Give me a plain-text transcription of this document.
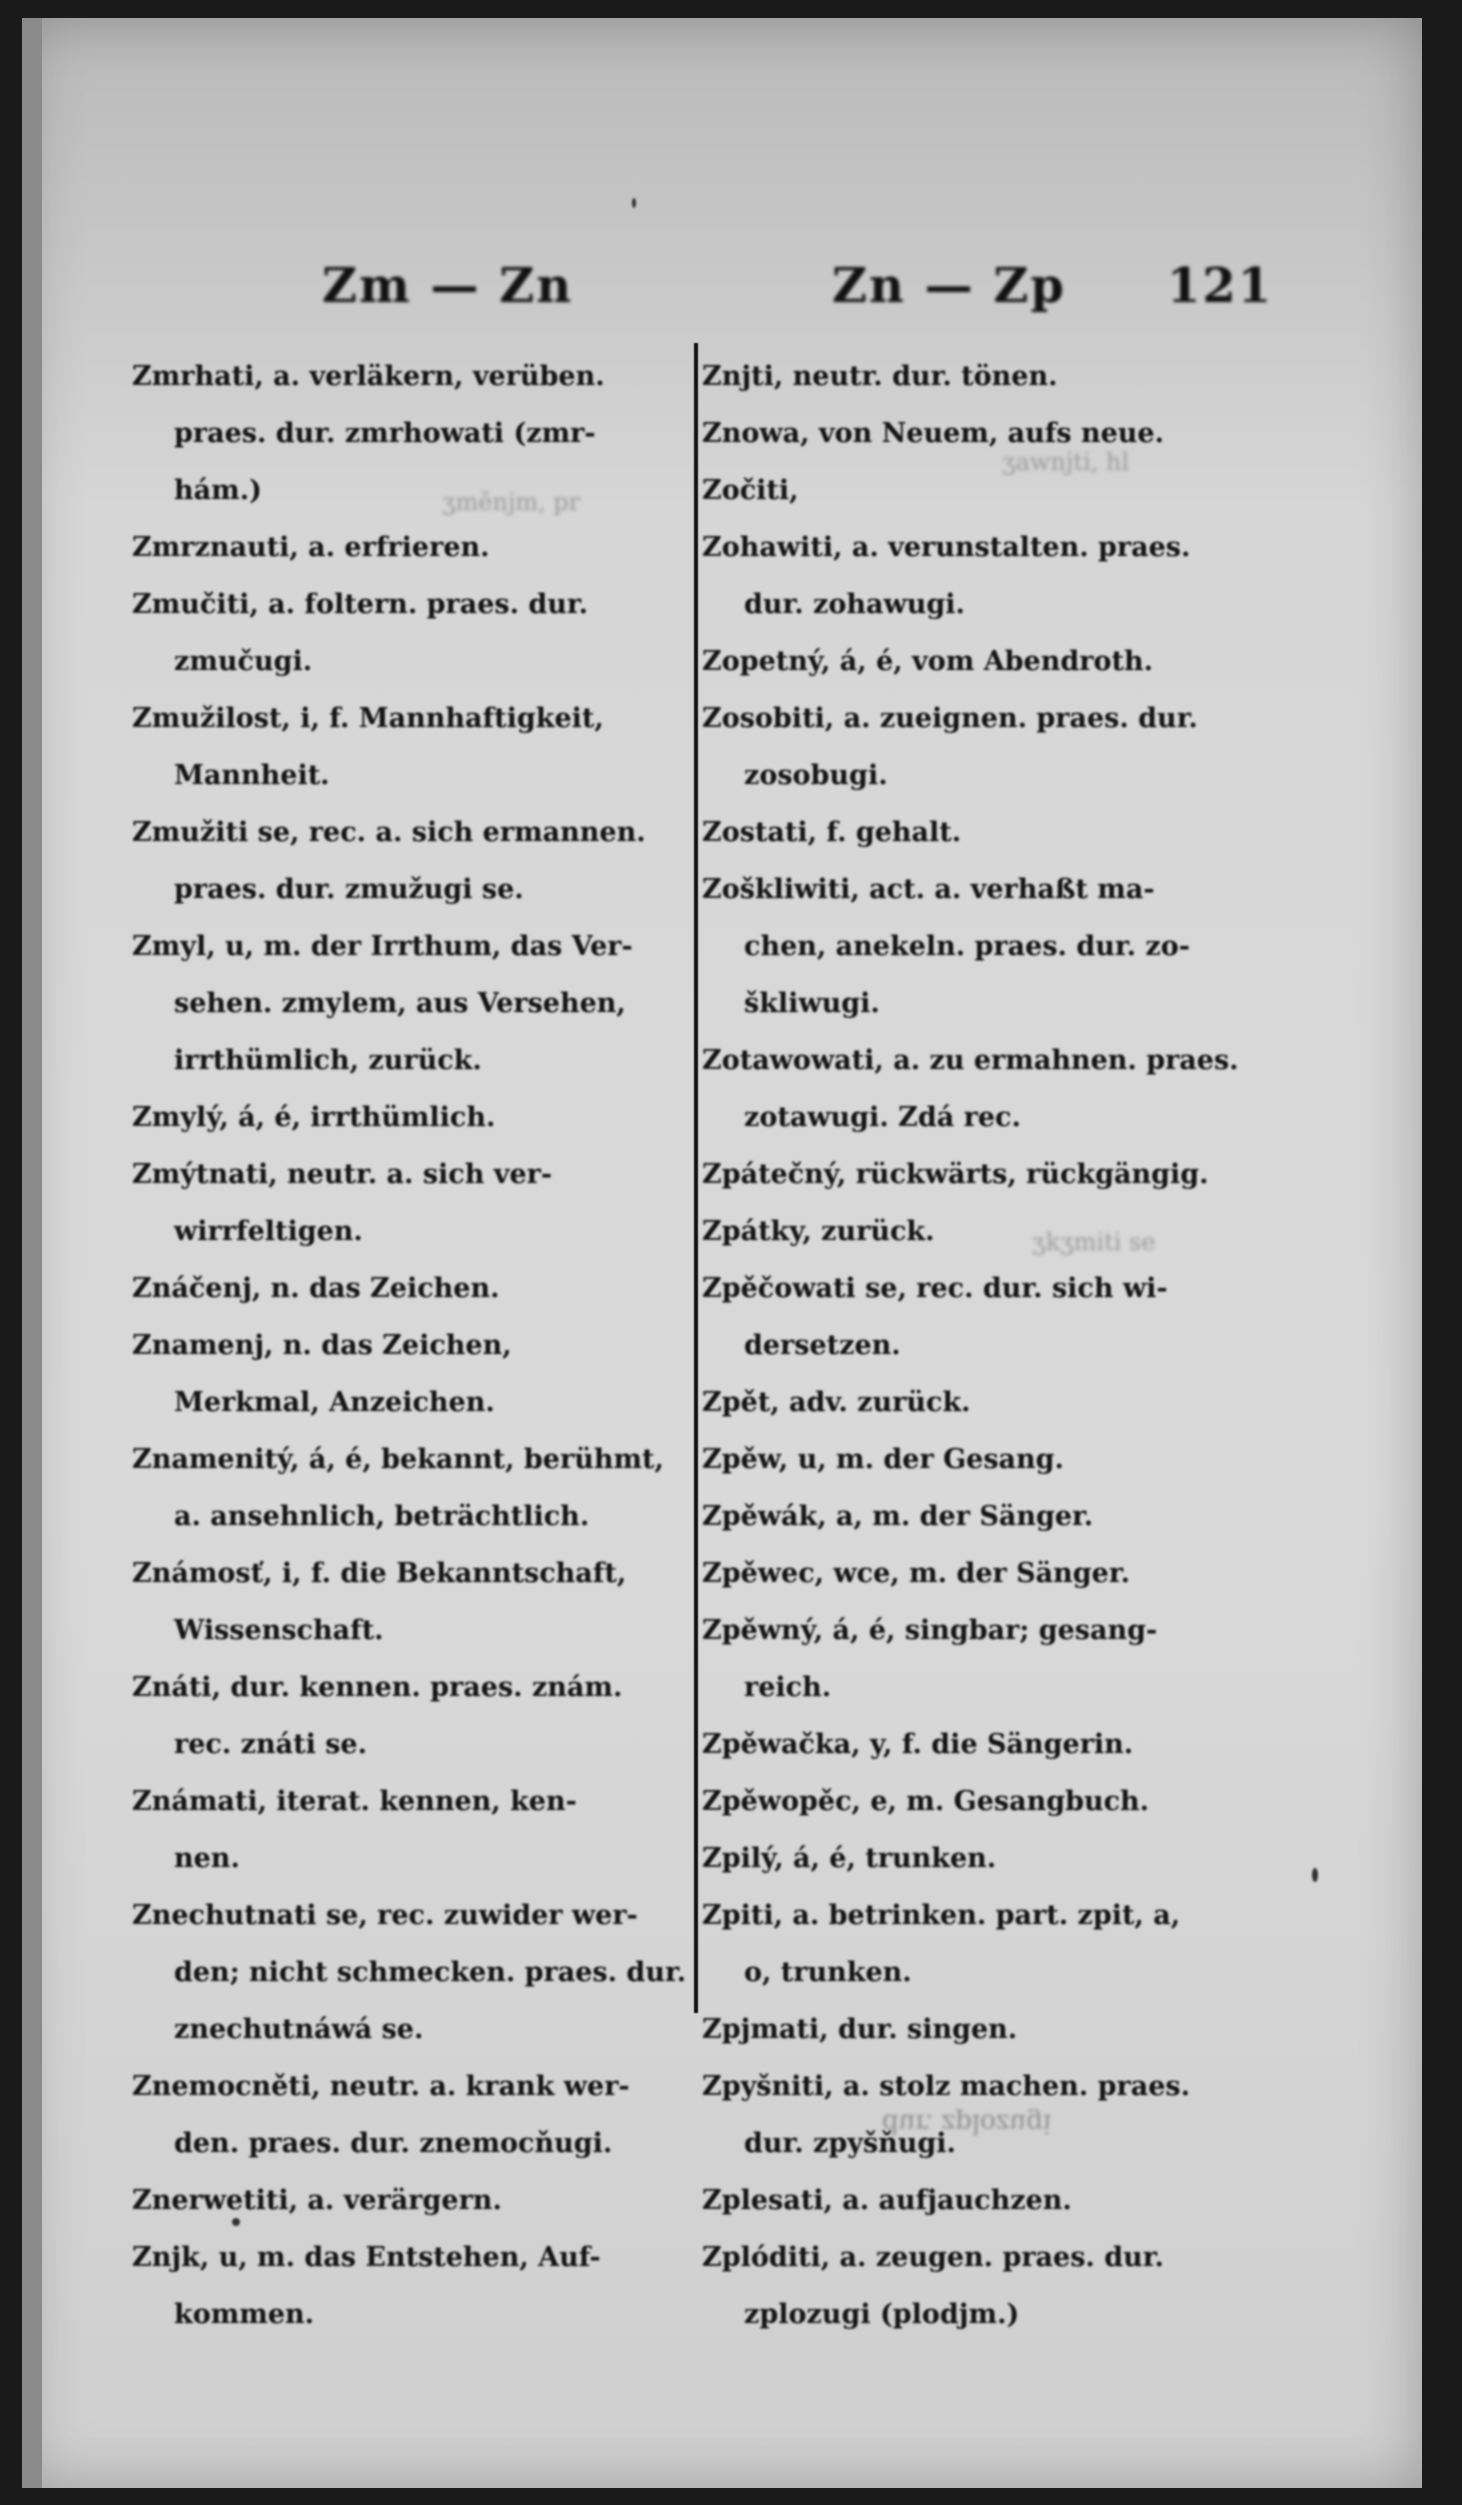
Zm — Zn	Zn — Zp 121
Zmrhati, a. verläkern, verüben.
praes. dur. zmrhowati (zmr-
hám.)
Zmrznauti, a. erfrieren.
Zmučiti, a. foltern. praes. dur.
zmučugi.
Zmužilost, i, f. Mannhaftigkeit,
Mannheit.
Zmužiti se, rec. a. sich ermannen.
praes. dur. zmužugi se.
Zmyl, u, m. der Irrthum, das Ver-
sehen. zmylem, aus Versehen,
irrthümlich, zurück.
Zmylý, á, é, irrthümlich.
Zmýtnati, neutr. a. sich ver-
wirrfeltigen.
Znáčenj, n. das Zeichen.
Znamenj, n. das Zeichen,
Merkmal, Anzeichen.
Znamenitý, á, é, bekannt, berühmt,
a. ansehnlich, beträchtlich.
Známosť, i, f. die Bekanntschaft,
Wissenschaft.
Znáti, dur. kennen. praes. znám.
rec. znáti se.
Známati, iterat. kennen, ken-
nen.
Znechutnati se, rec. zuwider wer-
den; nicht schmecken. praes. dur.
znechutnáwá se.
Znemocněti, neutr. a. krank wer-
den. praes. dur. znemocňugi.
Znerwetiti, a. verärgern.
Znjk, u, m. das Entstehen, Auf-
kommen.
Znjti, neutr. dur. tönen.
Znowa, von Neuem, aufs neue.
Zočiti,
Zohawiti, a. verunstalten. praes.
dur. zohawugi.
Zopetný, á, é, vom Abendroth.
Zosobiti, a. zueignen. praes. dur.
zosobugi.
Zostati, f. gehalt.
Zoškliwiti, act. a. verhaßt ma-
chen, anekeln. praes. dur. zo-
škliwugi.
Zotawowati, a. zu ermahnen. praes.
zotawugi. Zdá rec.
Zpátečný, rückwärts, rückgängig.
Zpátky, zurück.
Zpěčowati se, rec. dur. sich wi-
dersetzen.
Zpět, adv. zurück.
Zpěw, u, m. der Gesang.
Zpěwák, a, m. der Sänger.
Zpěwec, wce, m. der Sänger.
Zpěwný, á, é, singbar; gesang-
reich.
Zpěwačka, y, f. die Sängerin.
Zpěwopěc, e, m. Gesangbuch.
Zpilý, á, é, trunken.
Zpiti, a. betrinken. part. zpit, a,
o, trunken.
Zpjmati, dur. singen.
Zpyšniti, a. stolz machen. praes.
dur. zpyšňugi.
Zplesati, a. aufjauchzen.
Zplóditi, a. zeugen. praes. dur.
zplozugi (plodjm.)
ʒměnjm, pr
ʒawnjti, hl
ʒkʒmiti se
dur. zplozugi
